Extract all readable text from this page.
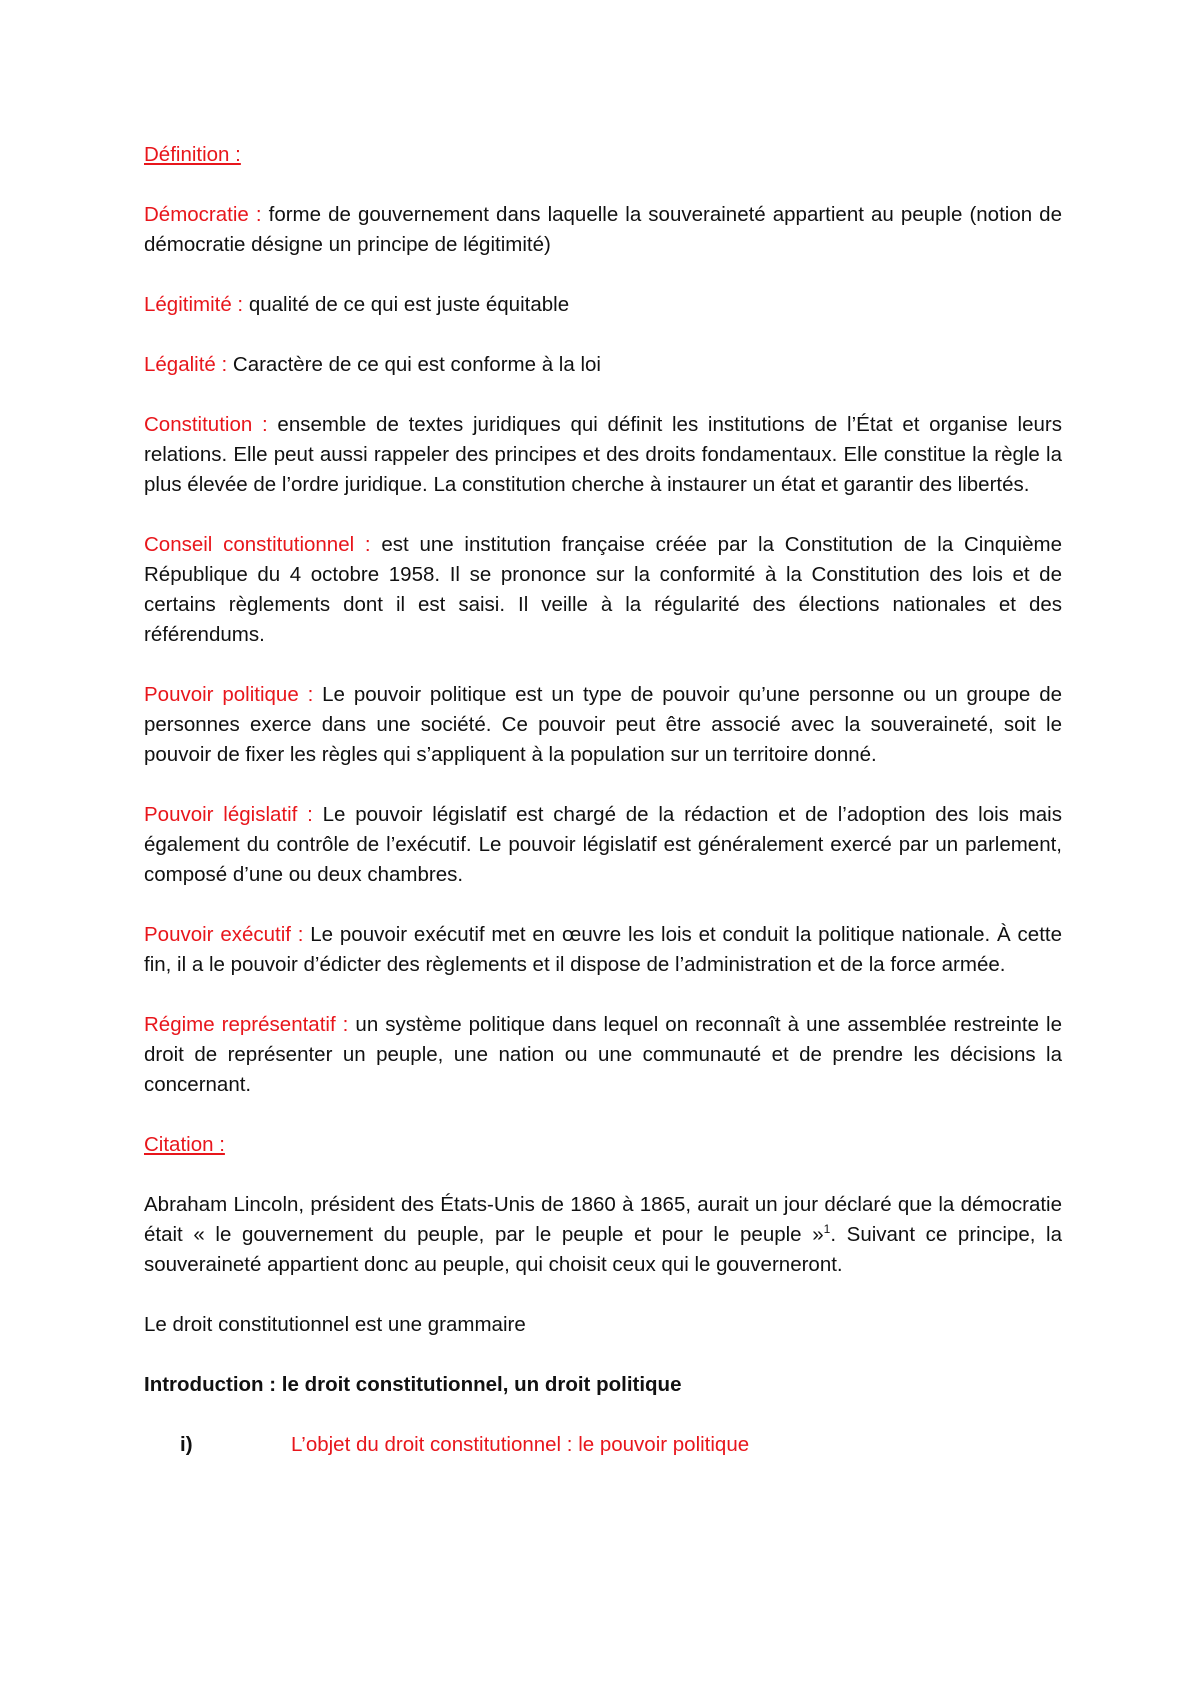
Définition :

Démocratie : forme de gouvernement dans laquelle la souveraineté appartient au peuple (notion de démocratie désigne un principe de légitimité)

Légitimité : qualité de ce qui est juste équitable

Légalité : Caractère de ce qui est conforme à la loi

Constitution : ensemble de textes juridiques qui définit les institutions de l’État et organise leurs relations. Elle peut aussi rappeler des principes et des droits fondamentaux. Elle constitue la règle la plus élevée de l’ordre juridique. La constitution cherche à instaurer un état et garantir des libertés.

Conseil constitutionnel : est une institution française créée par la Constitution de la Cinquième République du 4 octobre 1958. Il se prononce sur la conformité à la Constitution des lois et de certains règlements dont il est saisi. Il veille à la régularité des élections nationales et des référendums.

Pouvoir politique : Le pouvoir politique est un type de pouvoir qu’une personne ou un groupe de personnes exerce dans une société. Ce pouvoir peut être associé avec la souveraineté, soit le pouvoir de fixer les règles qui s’appliquent à la population sur un territoire donné.

Pouvoir législatif : Le pouvoir législatif est chargé de la rédaction et de l’adoption des lois mais également du contrôle de l’exécutif. Le pouvoir législatif est généralement exercé par un parlement, composé d’une ou deux chambres.

Pouvoir exécutif : Le pouvoir exécutif met en œuvre les lois et conduit la politique nationale. À cette fin, il a le pouvoir d’édicter des règlements et il dispose de l’administration et de la force armée.

Régime représentatif : un système politique dans lequel on reconnaît à une assemblée restreinte le droit de représenter un peuple, une nation ou une communauté et de prendre les décisions la concernant.

Citation :

Abraham Lincoln, président des États-Unis de 1860 à 1865, aurait un jour déclaré que la démocratie était « le gouvernement du peuple, par le peuple et pour le peuple »$^1$. Suivant ce principe, la souveraineté appartient donc au peuple, qui choisit ceux qui le gouverneront.

Le droit constitutionnel est une grammaire

Introduction : le droit constitutionnel, un droit politique

i)	L’objet du droit constitutionnel : le pouvoir politique
